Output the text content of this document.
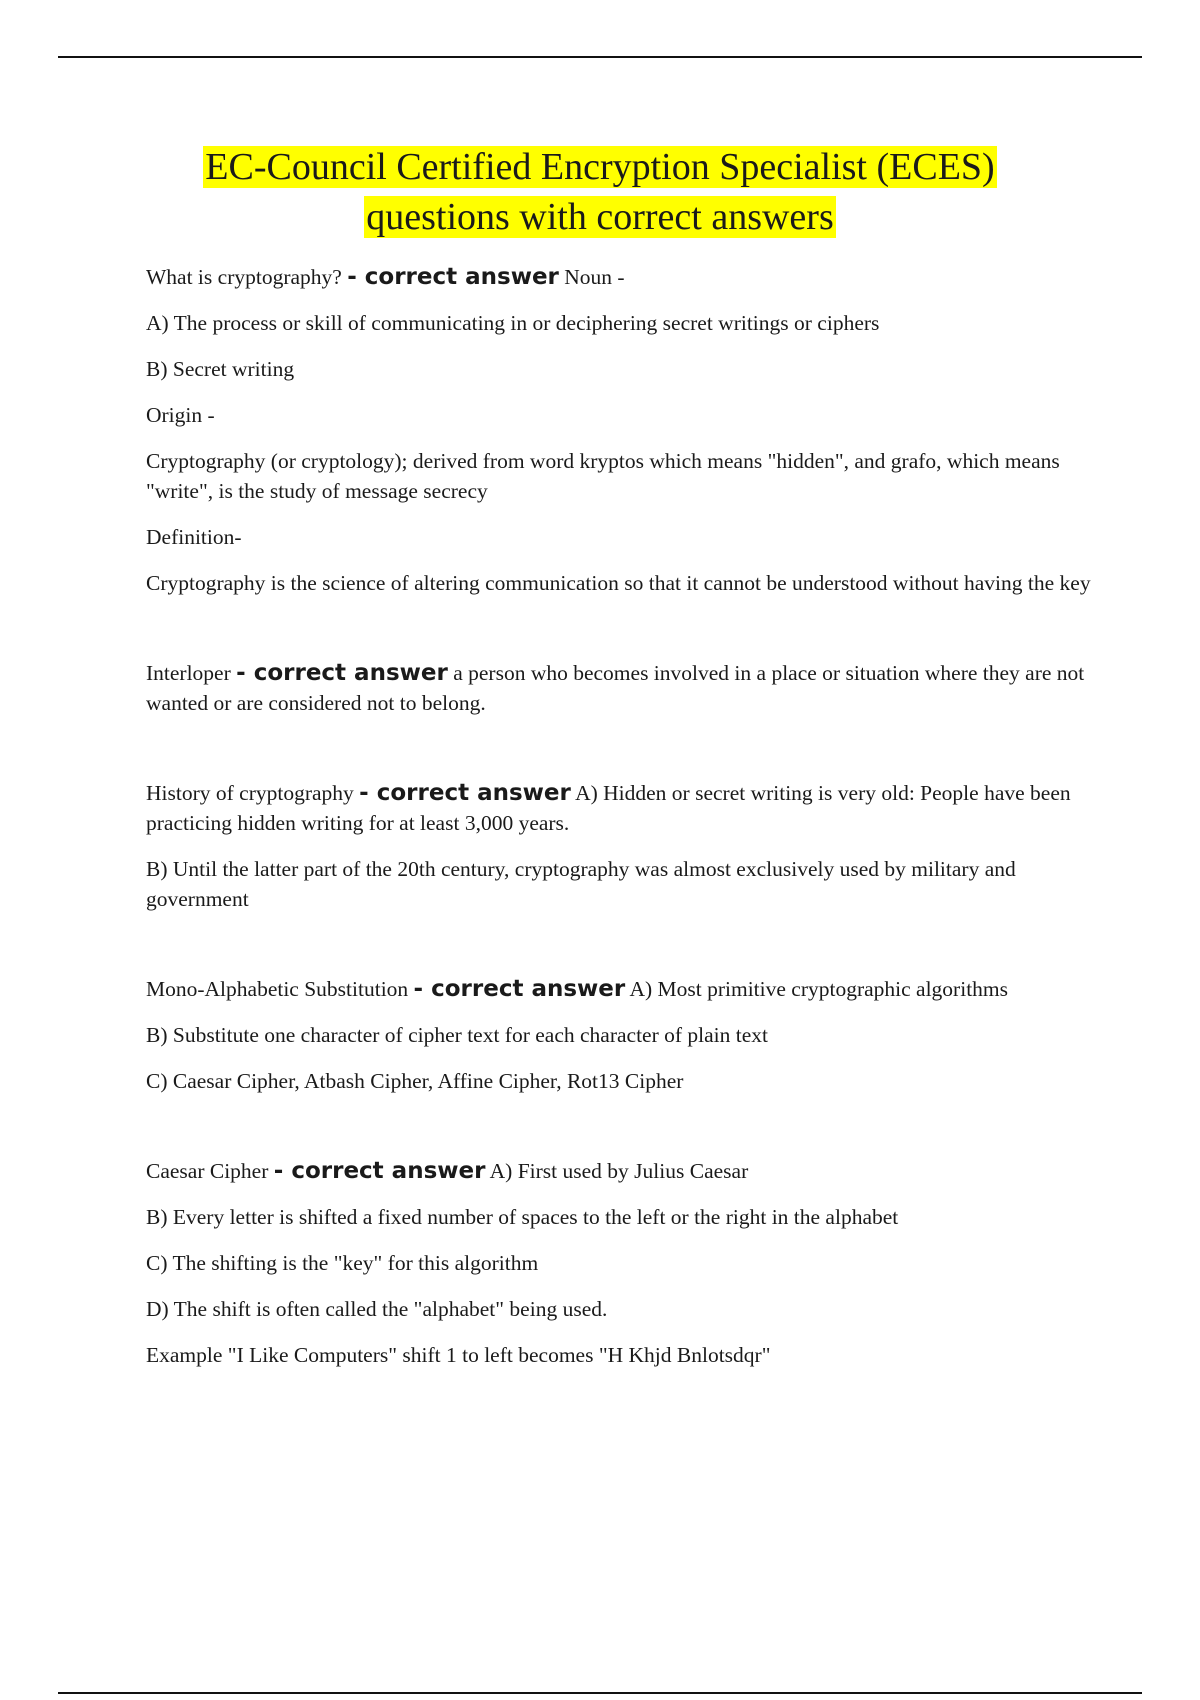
EC-Council Certified Encryption Specialist (ECES)
questions with correct answers

What is cryptography? - correct answer Noun -

A) The process or skill of communicating in or deciphering secret writings or ciphers

B) Secret writing

Origin -

Cryptography (or cryptology); derived from word kryptos which means "hidden", and grafo, which means "write", is the study of message secrecy

Definition-

Cryptography is the science of altering communication so that it cannot be understood without having the key

Interloper - correct answer a person who becomes involved in a place or situation where they are not wanted or are considered not to belong.

History of cryptography - correct answer A) Hidden or secret writing is very old: People have been practicing hidden writing for at least 3,000 years.

B) Until the latter part of the 20th century, cryptography was almost exclusively used by military and government

Mono-Alphabetic Substitution - correct answer A) Most primitive cryptographic algorithms

B) Substitute one character of cipher text for each character of plain text

C) Caesar Cipher, Atbash Cipher, Affine Cipher, Rot13 Cipher

Caesar Cipher - correct answer A) First used by Julius Caesar

B) Every letter is shifted a fixed number of spaces to the left or the right in the alphabet

C) The shifting is the "key" for this algorithm

D) The shift is often called the "alphabet" being used.

Example "I Like Computers" shift 1 to left becomes "H Khjd Bnlotsdqr"
